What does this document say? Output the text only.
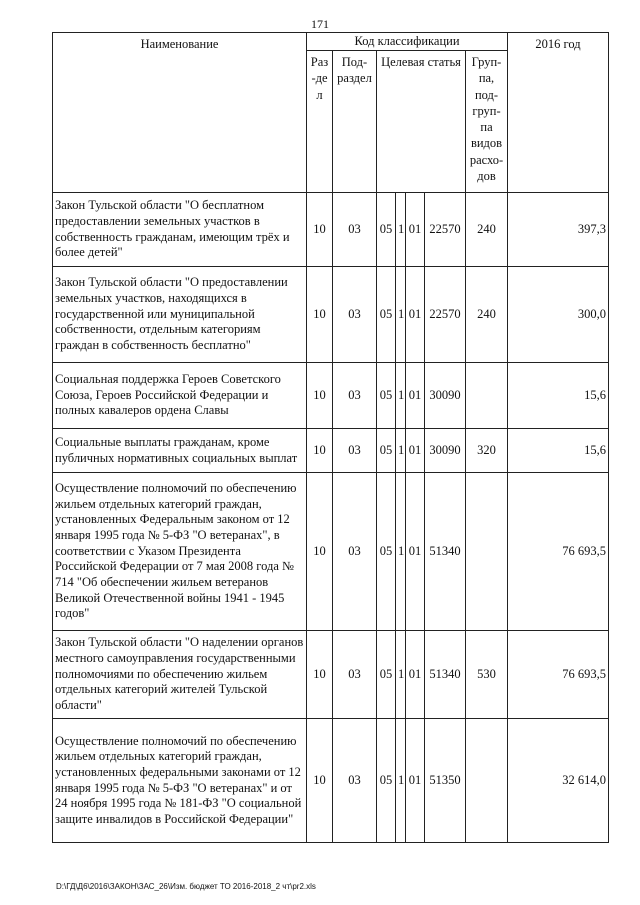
171
Наименование	Код классификации							2016 год

	Раз-дел	Под-раздел	Целевая статья				Груп-па, под-груп-па видов расхо-дов	

Закон Тульской области "О бесплатном предоставлении земельных участков в собственность гражданам, имеющим трёх и более детей"	10	03	05	1	01	22570	240	397,3
Закон Тульской области "О предоставлении земельных участков, находящихся в государственной или муниципальной собственности, отдельным категориям граждан в собственность бесплатно"	10	03	05	1	01	22570	240	300,0
Социальная поддержка Героев Советского Союза, Героев Российской Федерации и полных кавалеров ордена Славы	10	03	05	1	01	30090		15,6
Социальные выплаты гражданам, кроме публичных нормативных социальных выплат	10	03	05	1	01	30090	320	15,6
Осуществление полномочий по обеспечению жильем отдельных категорий граждан, установленных Федеральным законом от 12 января 1995 года № 5-ФЗ "О ветеранах", в соответствии с Указом Президента Российской Федерации от 7 мая 2008 года № 714 "Об обеспечении жильем ветеранов Великой Отечественной войны 1941 - 1945 годов"	10	03	05	1	01	51340		76 693,5
Закон Тульской области "О наделении органов местного самоуправления государственными полномочиями по обеспечению жильем отдельных категорий жителей Тульской области"	10	03	05	1	01	51340	530	76 693,5
Осуществление полномочий по обеспечению жильем отдельных категорий граждан, установленных федеральными законами от 12 января 1995 года № 5-ФЗ "О ветеранах" и от 24 ноября 1995 года № 181-ФЗ "О социальной защите инвалидов в Российской Федерации"	10	03	05	1	01	51350		32 614,0
D:\ГД\Д6\2016\ЗАКОН\ЗАС_26\Изм. бюджет ТО 2016-2018_2 чт\pr2.xls
